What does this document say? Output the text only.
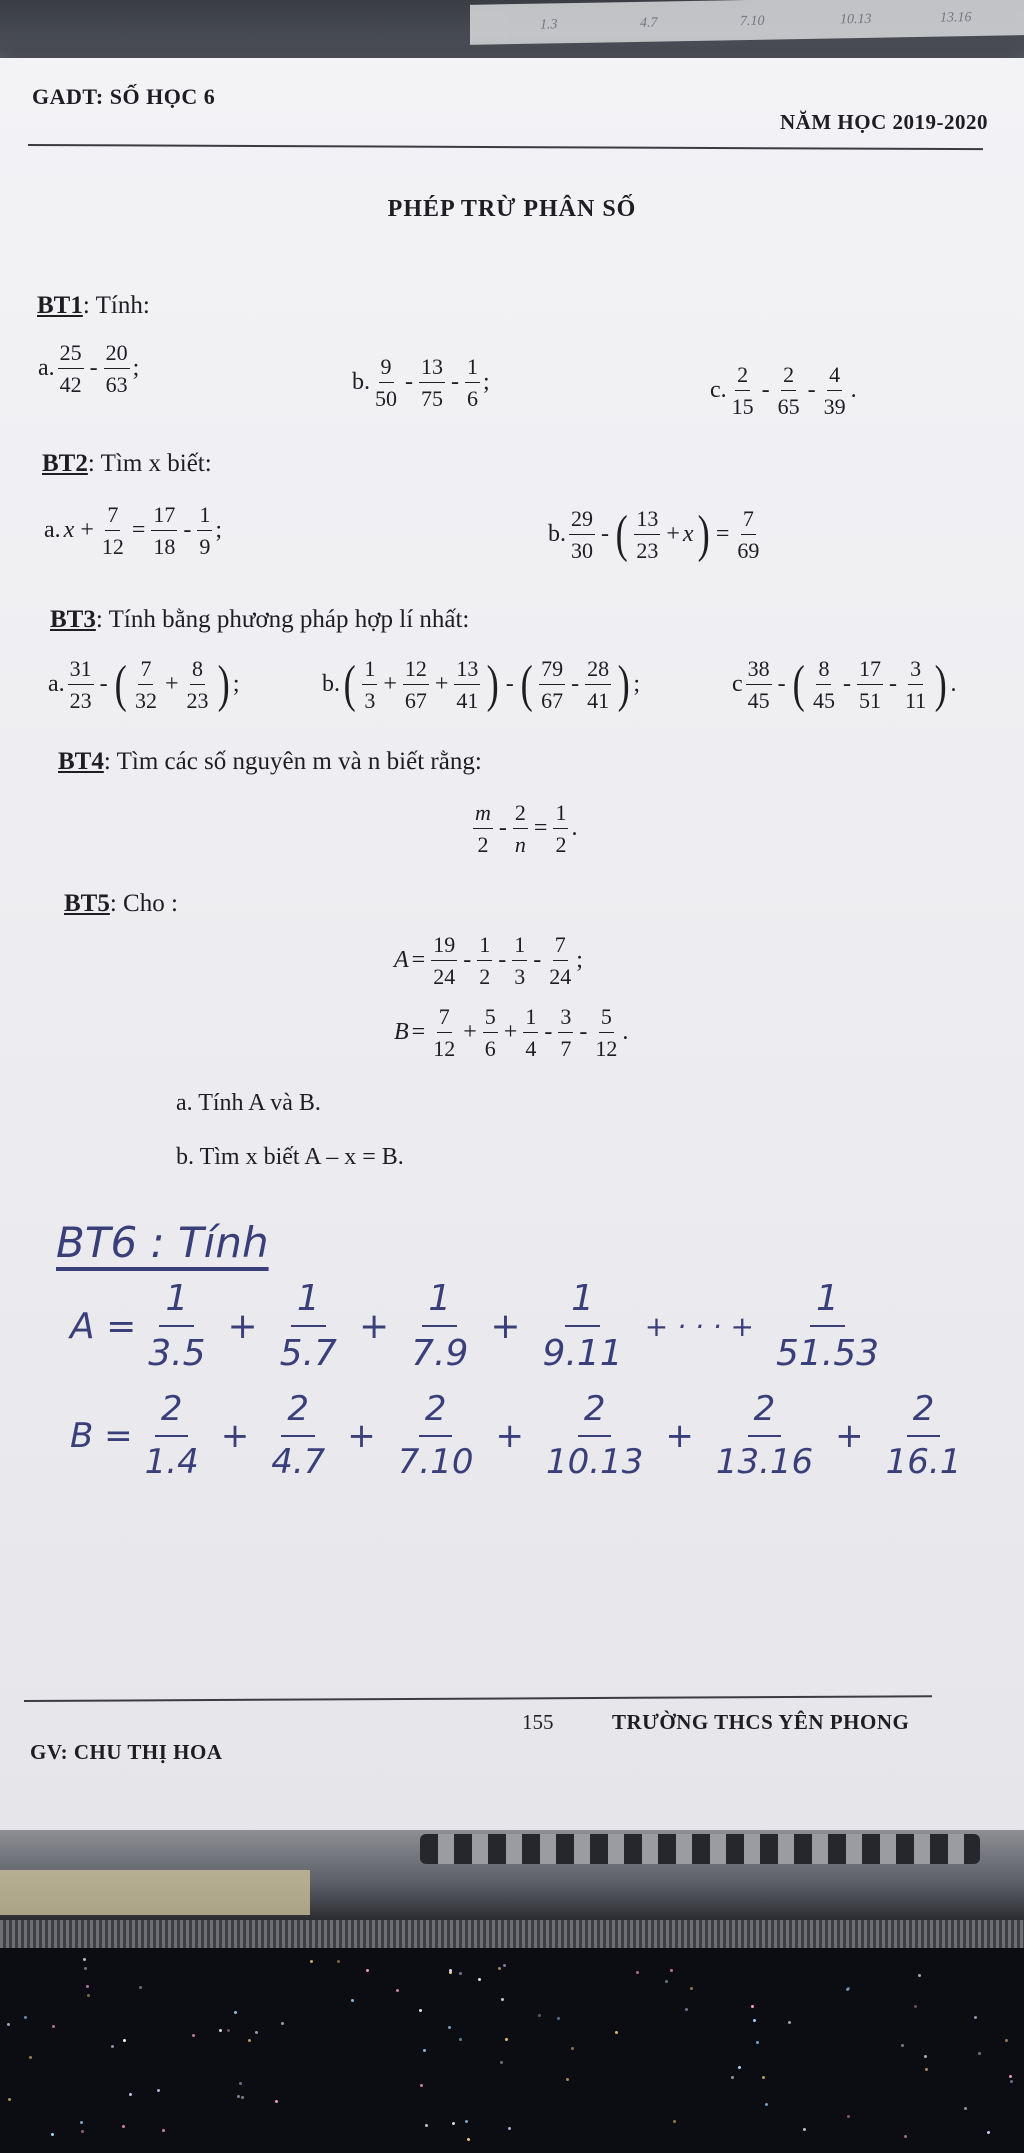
1.3	4.7	7.10	10.13	13.16
GADT: SỐ HỌC 6
NĂM HỌC 2019-2020
PHÉP TRỪ PHÂN SỐ
BT1: Tính:
a. $\frac{25}{42} - \frac{20}{63}$ ;
b. $\frac{9}{50} - \frac{13}{75} - \frac{1}{6}$ ;	c. $\frac{2}{15} - \frac{2}{65} - \frac{4}{39}$ .
BT2: Tìm x biết:
a. $x + \frac{7}{12} = \frac{17}{18} - \frac{1}{9}$ ;	b. $\frac{29}{30}$ - ( $\frac{13}{23} + x$ ) = $\frac{7}{69}$
BT3: Tính bằng phương pháp hợp lí nhất:
a. $\frac{31}{23}$ - ( $\frac{7}{32} + \frac{8}{23}$ ) ;	b. ( $\frac{1}{3} + \frac{12}{67} + \frac{13}{41}$ ) - ( $\frac{79}{67} - \frac{28}{41}$ ) ;	c $\frac{38}{45}$ - ( $\frac{8}{45} - \frac{17}{51} - \frac{3}{11}$ ) .
BT4: Tìm các số nguyên m và n biết rằng:
$\frac{m}{2} - \frac{2}{n} = \frac{1}{2}$ .
BT5: Cho :
$A = \frac{19}{24} - \frac{1}{2} - \frac{1}{3} - \frac{7}{24}$ ;
$B = \frac{7}{12} + \frac{5}{6} + \frac{1}{4} - \frac{3}{7} - \frac{5}{12}$ .
a. Tính A và B.
b. Tìm x biết A – x = B.
BT6 : Tính
$A = \frac{1}{3.5} + \frac{1}{5.7} + \frac{1}{7.9} + \frac{1}{9.11}$ + · · · + $\frac{1}{51.53}$
$B = \frac{2}{1.4} + \frac{2}{4.7} + \frac{2}{7.10} + \frac{2}{10.13} + \frac{2}{13.16} + \frac{2}{16.1}$
155	TRƯỜNG THCS YÊN PHONG
GV: CHU THỊ HOA
